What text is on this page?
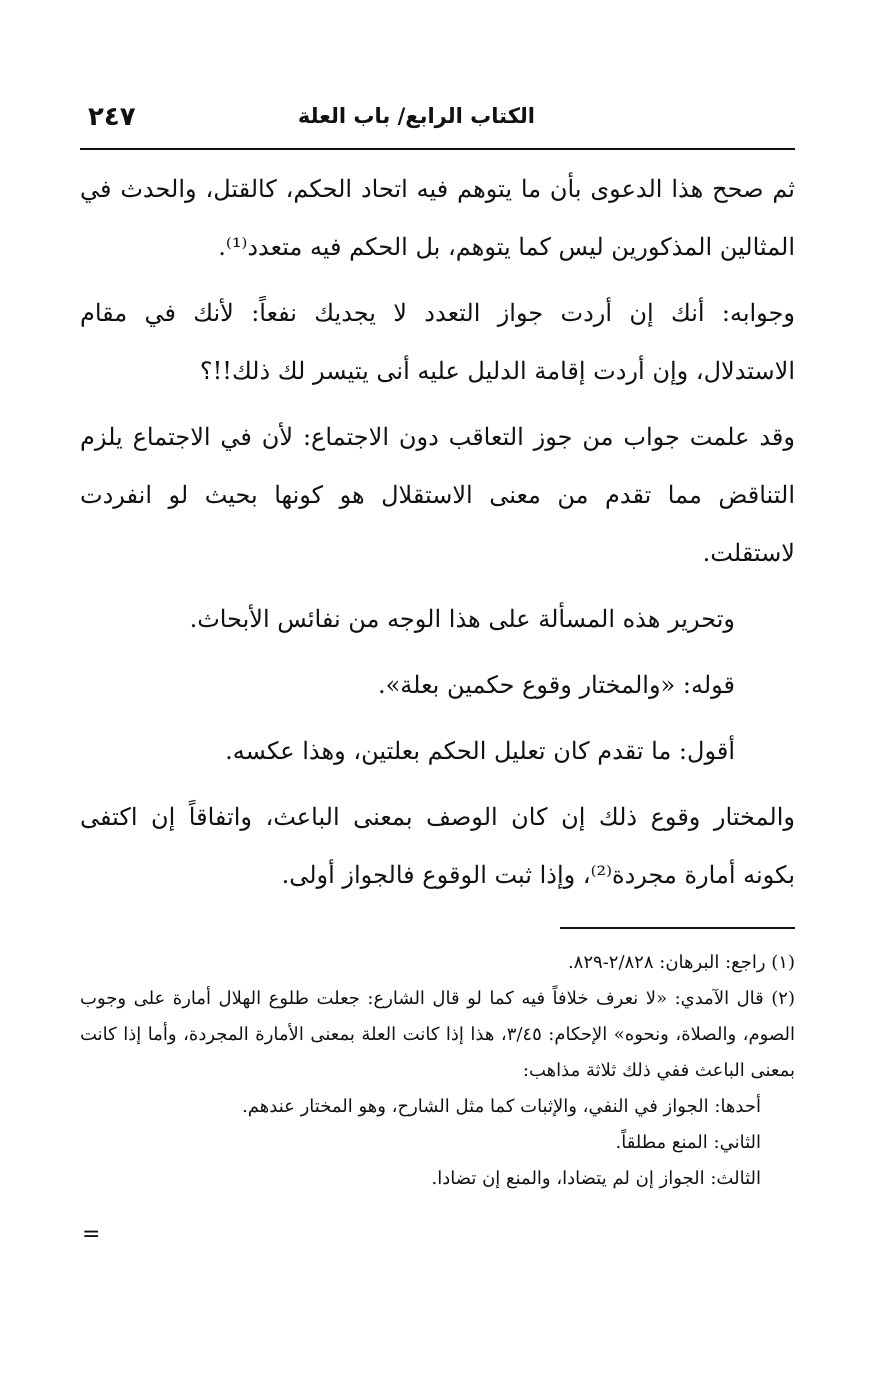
٢٤٧	الكتاب الرابع/ باب العلة

ثم صحح هذا الدعوى بأن ما يتوهم فيه اتحاد الحكم، كالقتل، والحدث في المثالين المذكورين ليس كما يتوهم، بل الحكم فيه متعدد⁽¹⁾.

وجوابه: أنك إن أردت جواز التعدد لا يجديك نفعاً: لأنك في مقام الاستدلال، وإن أردت إقامة الدليل عليه أنى يتيسر لك ذلك!!؟

وقد علمت جواب من جوز التعاقب دون الاجتماع: لأن في الاجتماع يلزم التناقض مما تقدم من معنى الاستقلال هو كونها بحيث لو انفردت لاستقلت.

وتحرير هذه المسألة على هذا الوجه من نفائس الأبحاث.

قوله: «والمختار وقوع حكمين بعلة».

أقول: ما تقدم كان تعليل الحكم بعلتين، وهذا عكسه.

والمختار وقوع ذلك إن كان الوصف بمعنى الباعث، واتفاقاً إن اكتفى بكونه أمارة مجردة⁽²⁾، وإذا ثبت الوقوع فالجواز أولى.

(١) راجع: البرهان: ٢/٨٢٨-٨٢٩.

(٢) قال الآمدي: «لا نعرف خلافاً فيه كما لو قال الشارع: جعلت طلوع الهلال أمارة على وجوب الصوم، والصلاة، ونحوه» الإحكام: ٣/٤٥، هذا إذا كانت العلة بمعنى الأمارة المجردة، وأما إذا كانت بمعنى الباعث ففي ذلك ثلاثة مذاهب:

أحدها: الجواز في النفي، والإثبات كما مثل الشارح، وهو المختار عندهم.

الثاني: المنع مطلقاً.

الثالث: الجواز إن لم يتضادا، والمنع إن تضادا.

=
